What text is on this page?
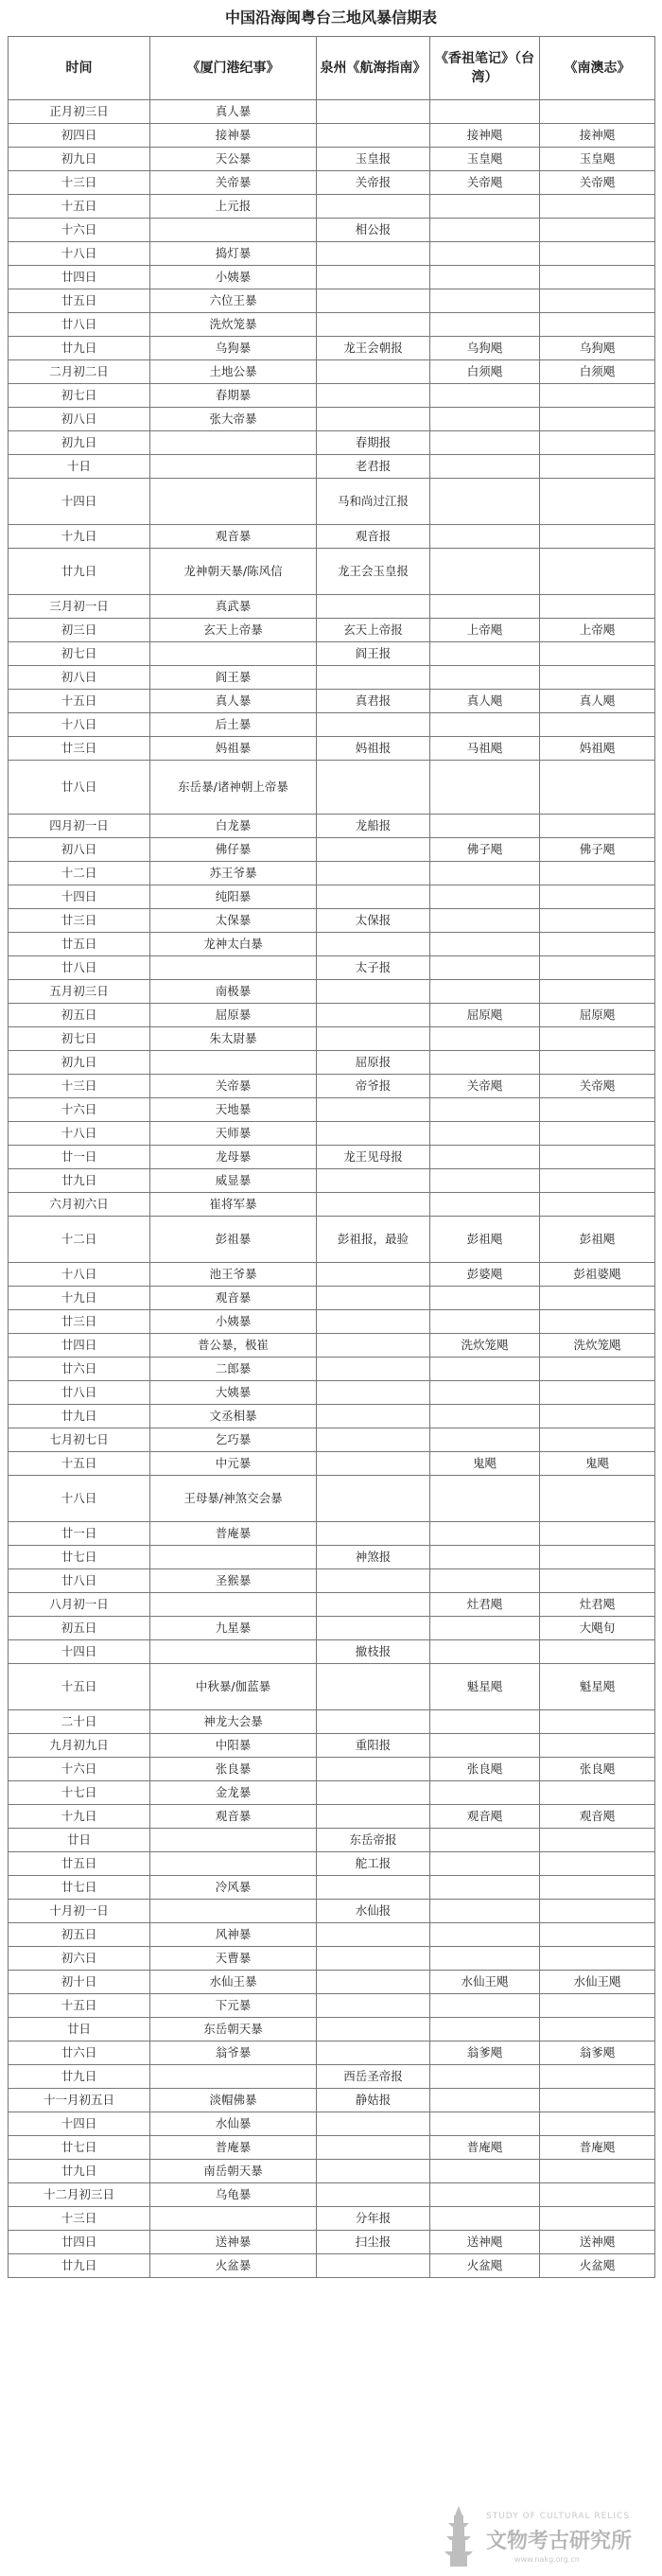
中国沿海闽粤台三地风暴信期表
时间	《厦门港纪事》	泉州《航海指南》	《香祖笔记》（台湾）	《南澳志》
正月初三日	真人暴			
初四日	接神暴		接神飓	接神飓
初九日	天公暴	玉皇报	玉皇飓	玉皇飓
十三日	关帝暴	关帝报	关帝飓	关帝飓
十五日	上元报			
十六日		相公报		
十八日	捣灯暴			
廿四日	小姨暴			
廿五日	六位王暴			
廿八日	洗炊笼暴			
廿九日	乌狗暴	龙王会朝报	乌狗飓	乌狗飓
二月初二日	土地公暴		白须飓	白须飓
初七日	春期暴			
初八日	张大帝暴			
初九日		春期报		
十日		老君报		
十四日		马和尚过江报		
十九日	观音暴	观音报		
廿九日	龙神朝天暴/陈风信	龙王会玉皇报		
三月初一日	真武暴			
初三日	玄天上帝暴	玄天上帝报	上帝飓	上帝飓
初七日		阎王报		
初八日	阎王暴			
十五日	真人暴	真君报	真人飓	真人飓
十八日	后土暴			
廿三日	妈祖暴	妈祖报	马祖飓	妈祖飓
廿八日	东岳暴/诸神朝上帝暴			
四月初一日	白龙暴	龙船报		
初八日	佛仔暴		佛子飓	佛子飓
十二日	苏王爷暴			
十四日	纯阳暴			
廿三日	太保暴	太保报		
廿五日	龙神太白暴			
廿八日		太子报		
五月初三日	南极暴			
初五日	屈原暴		屈原飓	屈原飓
初七日	朱太尉暴			
初九日		屈原报		
十三日	关帝暴	帝爷报	关帝飓	关帝飓
十六日	天地暴			
十八日	天师暴			
廿一日	龙母暴	龙王见母报		
廿九日	威显暴			
六月初六日	崔将军暴			
十二日	彭祖暴	彭祖报，最验	彭祖飓	彭祖飓
十八日	池王爷暴		彭婆飓	彭祖婆飓
十九日	观音暴			
廿三日	小姨暴			
廿四日	普公暴，极崔		洗炊笼飓	洗炊笼飓
廿六日	二郎暴			
廿八日	大姨暴			
廿九日	文丞相暴			
七月初七日	乞巧暴			
十五日	中元暴		鬼飓	鬼飓
十八日	王母暴/神煞交会暴			
廿一日	普庵暴			
廿七日		神煞报		
廿八日	圣猴暴			
八月初一日			灶君飓	灶君飓
初五日	九星暴			大飓旬
十四日		撤枝报		
十五日	中秋暴/伽蓝暴		魁星飓	魁星飓
二十日	神龙大会暴			
九月初九日	中阳暴	重阳报		
十六日	张良暴		张良飓	张良飓
十七日	金龙暴			
十九日	观音暴		观音飓	观音飓
廿日		东岳帝报		
廿五日		舵工报		
廿七日	冷风暴			
十月初一日		水仙报		
初五日	风神暴			
初六日	天曹暴			
初十日	水仙王暴		水仙王飓	水仙王飓
十五日	下元暴			
廿日	东岳朝天暴			
廿六日	翁爷暴		翁爹飓	翁爹飓
廿九日		西岳圣帝报		
十一月初五日	淡帽佛暴	静姑报		
十四日	水仙暴			
廿七日	普庵暴		普庵飓	普庵飓
廿九日	南岳朝天暴			
十二月初三日	乌龟暴			
十三日		分年报		
廿四日	送神暴	扫尘报	送神飓	送神飓
廿九日	火盆暴		火盆飓	火盆飓
STUDY OF CULTURAL RELICS
文物考古研究所
www.nakg.org.cn
